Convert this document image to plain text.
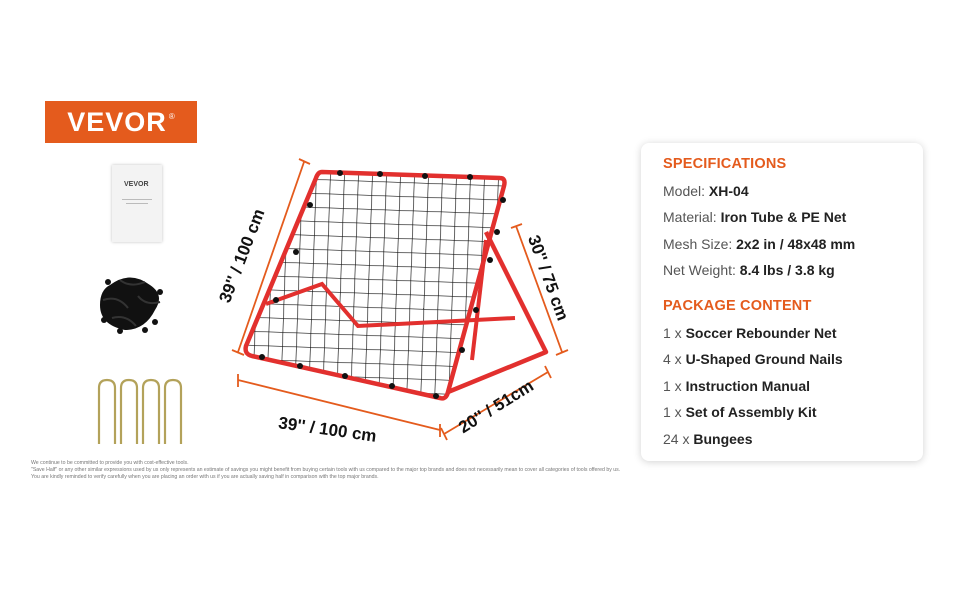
VEVOR ®
VEVOR
39'' / 100 cm
39'' / 100 cm	20'' / 51cm
30'' / 75 cm
SPECIFICATIONS
Model: XH-04
Material: Iron Tube & PE Net
Mesh Size: 2x2 in / 48x48 mm
Net Weight: 8.4 lbs / 3.8 kg
PACKAGE CONTENT
1 x Soccer Rebounder Net
4 x U-Shaped Ground Nails
1 x Instruction Manual
1 x Set of Assembly Kit
24 x Bungees
We continue to be committed to provide you with cost-effective tools.
"Save Half" or any other similar expressions used by us only represents an estimate of savings you might benefit from buying certain tools with us compared to the major top brands and does not necessarily mean to cover all categories of tools offered by us.
You are kindly reminded to verify carefully when you are placing an order with us if you are actually saving half in comparison with the top major brands.
